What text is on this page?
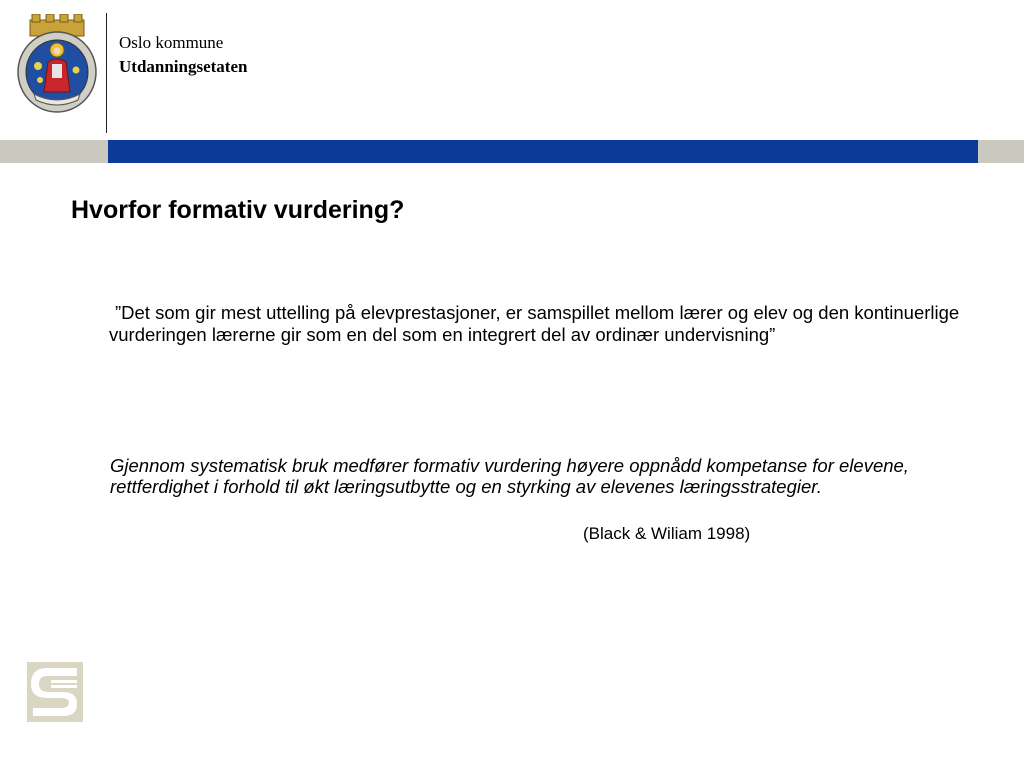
Oslo kommune
Utdanningsetaten
Hvorfor formativ vurdering?

”Det som gir mest uttelling på elevprestasjoner, er samspillet mellom lærer og elev og den kontinuerlige vurderingen lærerne gir som en del som en integrert del av ordinær undervisning”

Gjennom systematisk bruk medfører formativ vurdering høyere oppnådd kompetanse for elevene, rettferdighet i forhold til økt læringsutbytte og en styrking av elevenes læringsstrategier.

(Black & Wiliam 1998)
